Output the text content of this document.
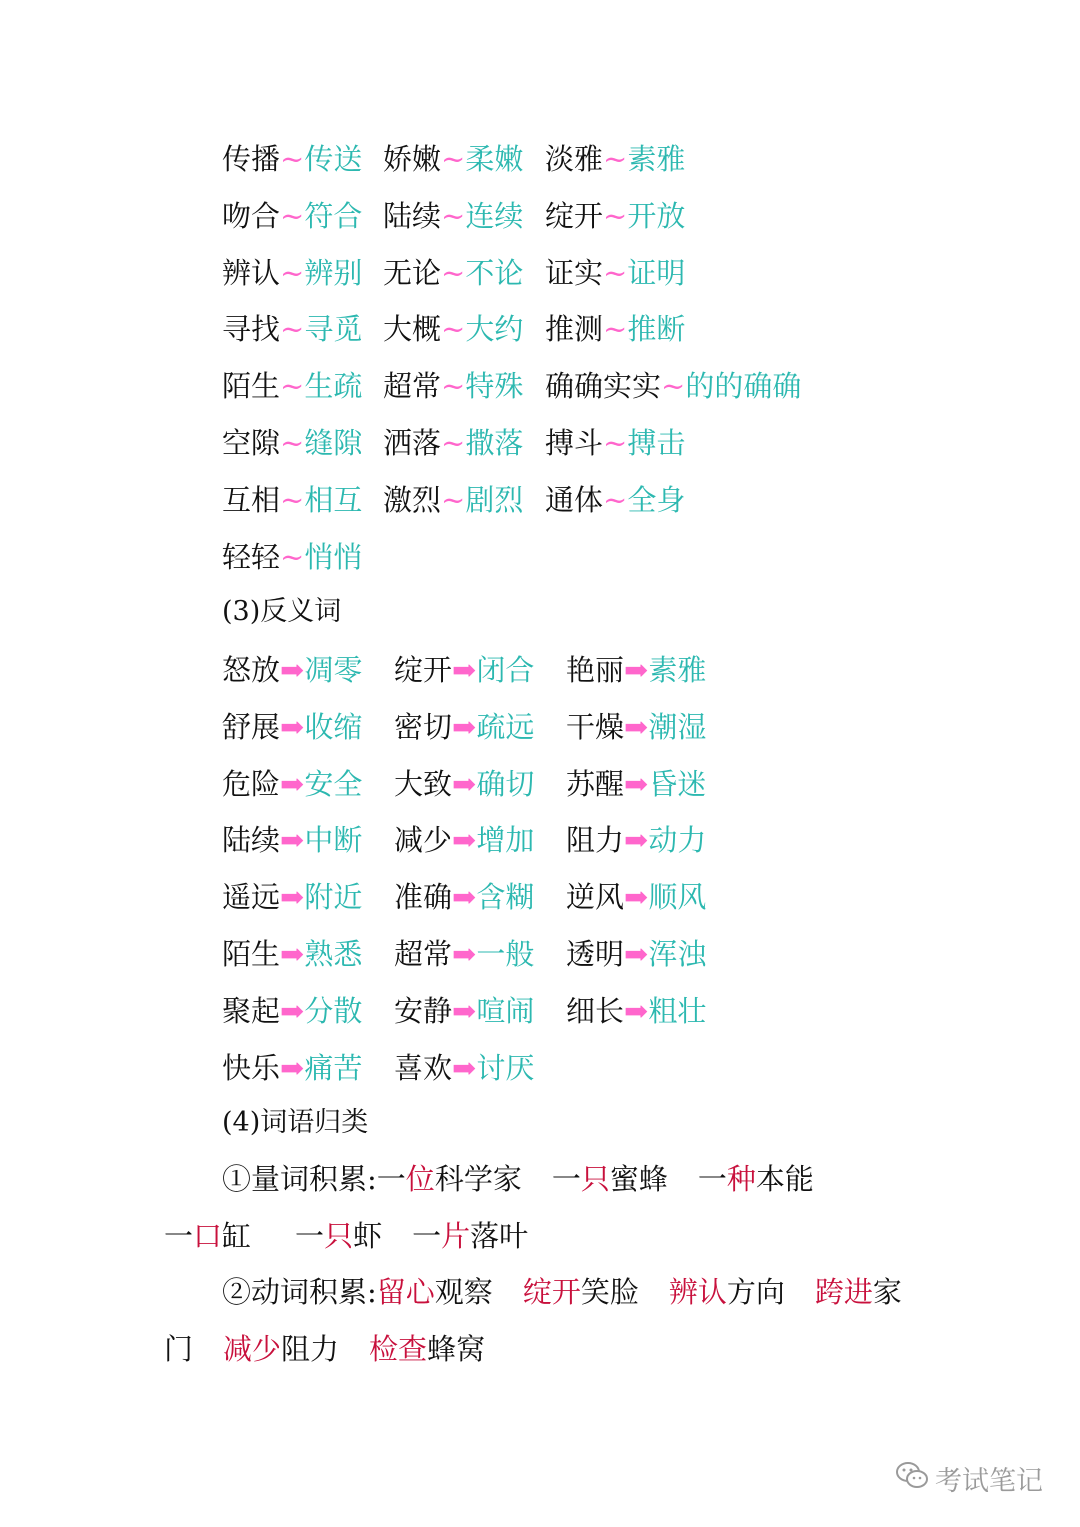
传播~传送 娇嫩~柔嫩 淡雅~素雅
吻合~符合 陆续~连续 绽开~开放
辨认~辨别 无论~不论 证实~证明
寻找~寻觅 大概~大约 推测~推断
陌生~生疏 超常~特殊 确确实实~的的确确
空隙~缝隙 洒落~撒落 搏斗~搏击
互相~相互 激烈~剧烈 通体~全身
轻轻~悄悄
(3)反义词
怒放➡凋零 绽开➡闭合 艳丽➡素雅
舒展➡收缩 密切➡疏远 干燥➡潮湿
危险➡安全 大致➡确切 苏醒➡昏迷
陆续➡中断 减少➡增加 阻力➡动力
遥远➡附近 准确➡含糊 逆风➡顺风
陌生➡熟悉 超常➡一般 透明➡浑浊
聚起➡分散 安静➡喧闹 细长➡粗壮
快乐➡痛苦 喜欢➡讨厌
(4)词语归类
①量词积累:一位科学家 一只蜜蜂 一种本能
一口缸 一只虾 一片落叶
②动词积累:留心观察 绽开笑脸 辨认方向 跨进家
门 减少阻力 检查蜂窝
考试笔记
